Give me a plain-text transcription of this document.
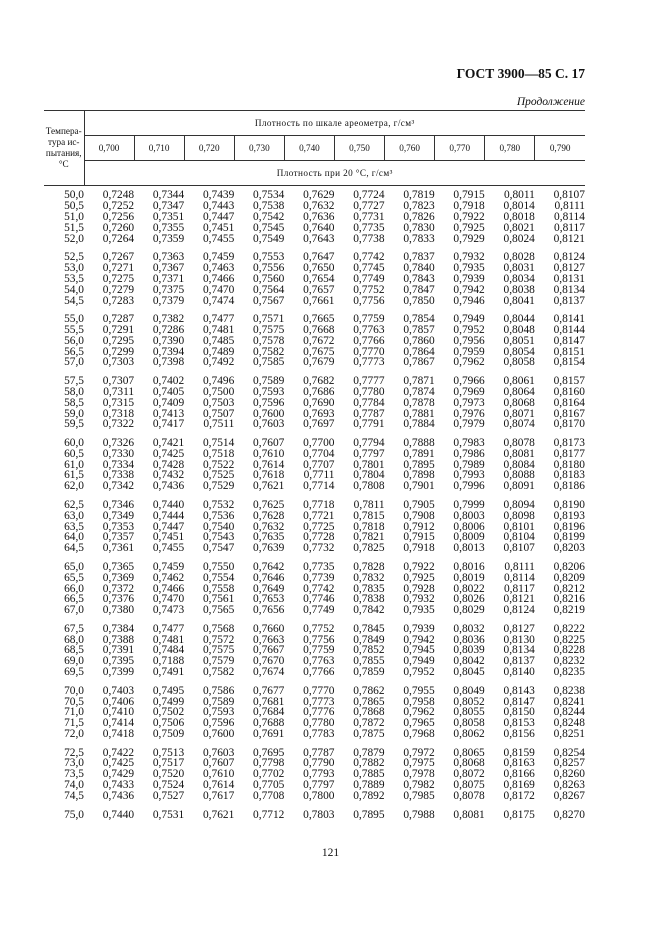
ГОСТ 3900—85 С. 17
Продолжение
Темпера-
тура ис-
пытания,
°С	Плотность по шкале ареометра, г/см³									
	0,700	0,710	0,720	0,730	0,740	0,750	0,760	0,770	0,780	0,790
	Плотность при 20 °С, г/см³									
50,0	0,7248	0,7344	0,7439	0,7534	0,7629	0,7724	0,7819	0,7915	0,8011	0,8107
50,5	0,7252	0,7347	0,7443	0,7538	0,7632	0,7727	0,7823	0,7918	0,8014	0,8111
51,0	0,7256	0,7351	0,7447	0,7542	0,7636	0,7731	0,7826	0,7922	0,8018	0,8114
51,5	0,7260	0,7355	0,7451	0,7545	0,7640	0,7735	0,7830	0,7925	0,8021	0,8117
52,0	0,7264	0,7359	0,7455	0,7549	0,7643	0,7738	0,7833	0,7929	0,8024	0,8121
52,5	0,7267	0,7363	0,7459	0,7553	0,7647	0,7742	0,7837	0,7932	0,8028	0,8124
53,0	0,7271	0,7367	0,7463	0,7556	0,7650	0,7745	0,7840	0,7935	0,8031	0,8127
53,5	0,7275	0,7371	0,7466	0,7560	0,7654	0,7749	0,7843	0,7939	0,8034	0,8131
54,0	0,7279	0,7375	0,7470	0,7564	0,7657	0,7752	0,7847	0,7942	0,8038	0,8134
54,5	0,7283	0,7379	0,7474	0,7567	0,7661	0,7756	0,7850	0,7946	0,8041	0,8137
55,0	0,7287	0,7382	0,7477	0,7571	0,7665	0,7759	0,7854	0,7949	0,8044	0,8141
55,5	0,7291	0,7286	0,7481	0,7575	0,7668	0,7763	0,7857	0,7952	0,8048	0,8144
56,0	0,7295	0,7390	0,7485	0,7578	0,7672	0,7766	0,7860	0,7956	0,8051	0,8147
56,5	0,7299	0,7394	0,7489	0,7582	0,7675	0,7770	0,7864	0,7959	0,8054	0,8151
57,0	0,7303	0,7398	0,7492	0,7585	0,7679	0,7773	0,7867	0,7962	0,8058	0,8154
57,5	0,7307	0,7402	0,7496	0,7589	0,7682	0,7777	0,7871	0,7966	0,8061	0,8157
58,0	0,7311	0,7405	0,7500	0,7593	0,7686	0,7780	0,7874	0,7969	0,8064	0,8160
58,5	0,7315	0,7409	0,7503	0,7596	0,7690	0,7784	0,7878	0,7973	0,8068	0,8164
59,0	0,7318	0,7413	0,7507	0,7600	0,7693	0,7787	0,7881	0,7976	0,8071	0,8167
59,5	0,7322	0,7417	0,7511	0,7603	0,7697	0,7791	0,7884	0,7979	0,8074	0,8170
60,0	0,7326	0,7421	0,7514	0,7607	0,7700	0,7794	0,7888	0,7983	0,8078	0,8173
60,5	0,7330	0,7425	0,7518	0,7610	0,7704	0,7797	0,7891	0,7986	0,8081	0,8177
61,0	0,7334	0,7428	0,7522	0,7614	0,7707	0,7801	0,7895	0,7989	0,8084	0,8180
61,5	0,7338	0,7432	0,7525	0,7618	0,7711	0,7804	0,7898	0,7993	0,8088	0,8183
62,0	0,7342	0,7436	0,7529	0,7621	0,7714	0,7808	0,7901	0,7996	0,8091	0,8186
62,5	0,7346	0,7440	0,7532	0,7625	0,7718	0,7811	0,7905	0,7999	0,8094	0,8190
63,0	0,7349	0,7444	0,7536	0,7628	0,7721	0,7815	0,7908	0,8003	0,8098	0,8193
63,5	0,7353	0,7447	0,7540	0,7632	0,7725	0,7818	0,7912	0,8006	0,8101	0,8196
64,0	0,7357	0,7451	0,7543	0,7635	0,7728	0,7821	0,7915	0,8009	0,8104	0,8199
64,5	0,7361	0,7455	0,7547	0,7639	0,7732	0,7825	0,7918	0,8013	0,8107	0,8203
65,0	0,7365	0,7459	0,7550	0,7642	0,7735	0,7828	0,7922	0,8016	0,8111	0,8206
65,5	0,7369	0,7462	0,7554	0,7646	0,7739	0,7832	0,7925	0,8019	0,8114	0,8209
66,0	0,7372	0,7466	0,7558	0,7649	0,7742	0,7835	0,7928	0,8022	0,8117	0,8212
66,5	0,7376	0,7470	0,7561	0,7653	0,7746	0,7838	0,7932	0,8026	0,8121	0,8216
67,0	0,7380	0,7473	0,7565	0,7656	0,7749	0,7842	0,7935	0,8029	0,8124	0,8219
67,5	0,7384	0,7477	0,7568	0,7660	0,7752	0,7845	0,7939	0,8032	0,8127	0,8222
68,0	0,7388	0,7481	0,7572	0,7663	0,7756	0,7849	0,7942	0,8036	0,8130	0,8225
68,5	0,7391	0,7484	0,7575	0,7667	0,7759	0,7852	0,7945	0,8039	0,8134	0,8228
69,0	0,7395	0,7188	0,7579	0,7670	0,7763	0,7855	0,7949	0,8042	0,8137	0,8232
69,5	0,7399	0,7491	0,7582	0,7674	0,7766	0,7859	0,7952	0,8045	0,8140	0,8235
70,0	0,7403	0,7495	0,7586	0,7677	0,7770	0,7862	0,7955	0,8049	0,8143	0,8238
70,5	0,7406	0,7499	0,7589	0,7681	0,7773	0,7865	0,7958	0,8052	0,8147	0,8241
71,0	0,7410	0,7502	0,7593	0,7684	0,7776	0,7868	0,7962	0,8055	0,8150	0,8244
71,5	0,7414	0,7506	0,7596	0,7688	0,7780	0,7872	0,7965	0,8058	0,8153	0,8248
72,0	0,7418	0,7509	0,7600	0,7691	0,7783	0,7875	0,7968	0,8062	0,8156	0,8251
72,5	0,7422	0,7513	0,7603	0,7695	0,7787	0,7879	0,7972	0,8065	0,8159	0,8254
73,0	0,7425	0,7517	0,7607	0,7798	0,7790	0,7882	0,7975	0,8068	0,8163	0,8257
73,5	0,7429	0,7520	0,7610	0,7702	0,7793	0,7885	0,7978	0,8072	0,8166	0,8260
74,0	0,7433	0,7524	0,7614	0,7705	0,7797	0,7889	0,7982	0,8075	0,8169	0,8263
74,5	0,7436	0,7527	0,7617	0,7708	0,7800	0,7892	0,7985	0,8078	0,8172	0,8267
75,0	0,7440	0,7531	0,7621	0,7712	0,7803	0,7895	0,7988	0,8081	0,8175	0,8270
121
